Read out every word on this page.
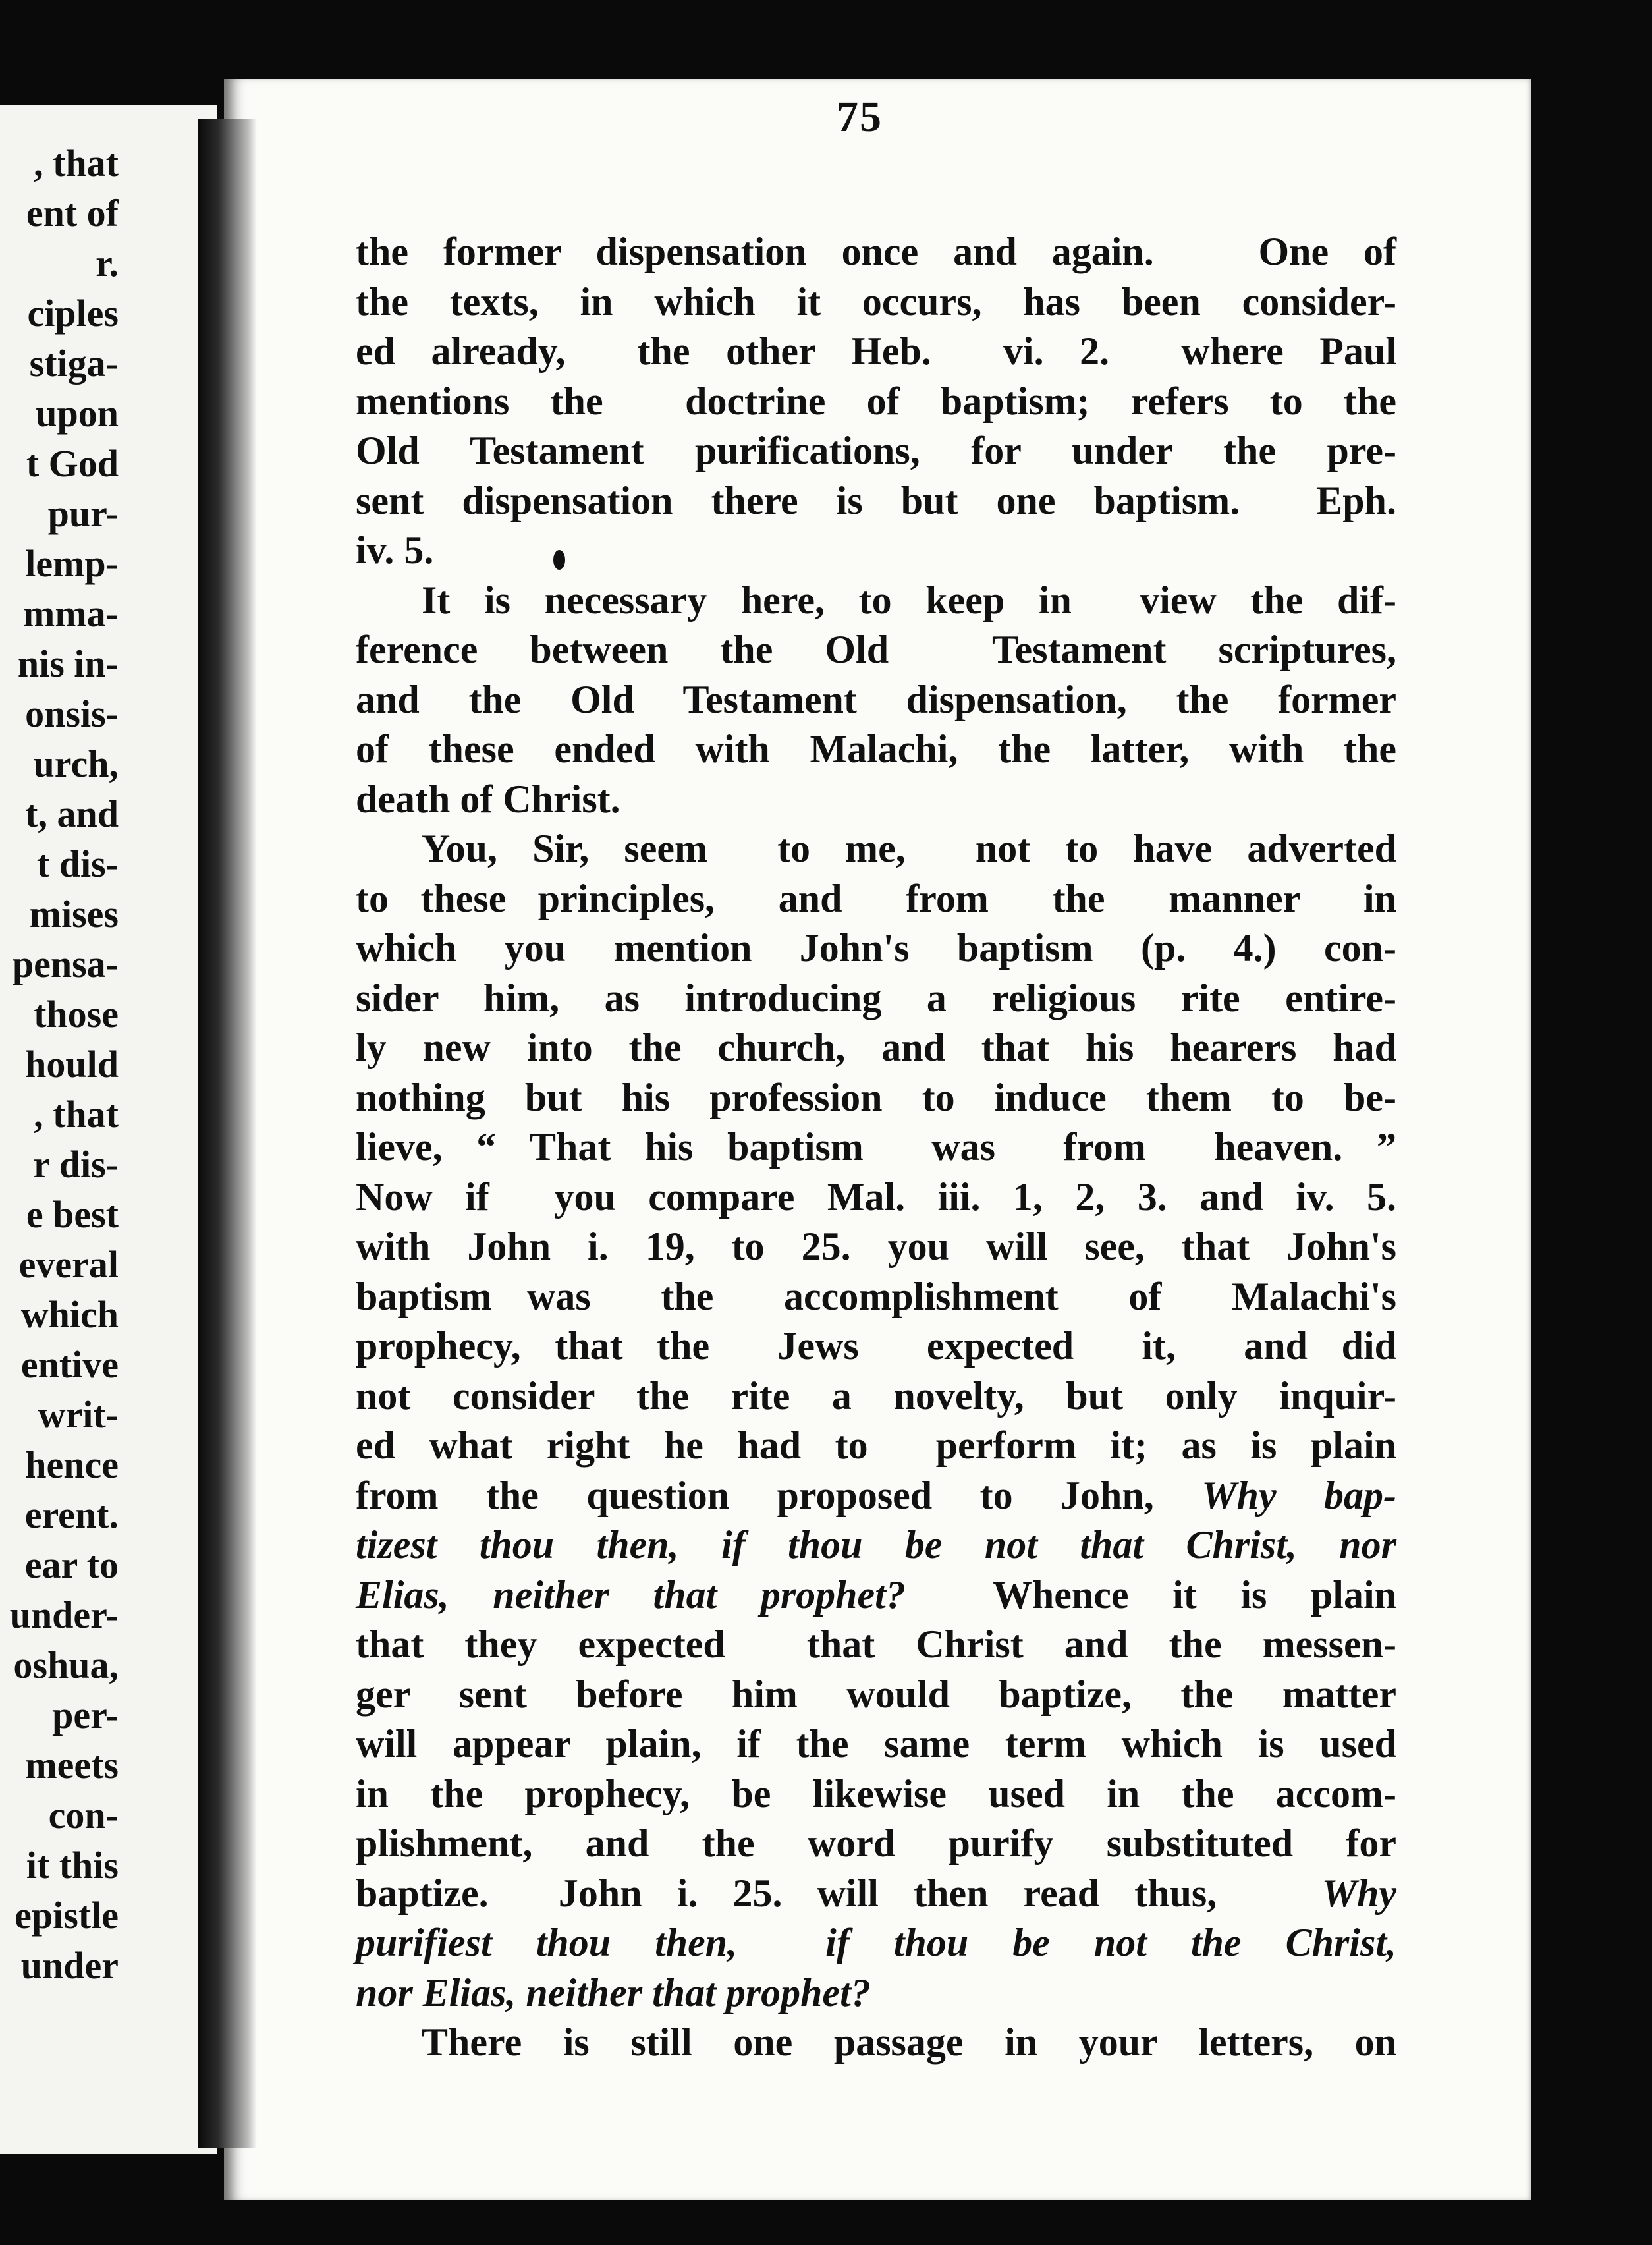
, that
ent of
r.
ciples
stiga-
upon
t God
pur-
lemp-
mma-
nis in-
onsis-
urch,
t, and
t dis-
mises
pensa-
those
hould
, that
r dis-
e best
everal
which
entive
writ-
hence
erent.
ear to
under-
oshua,
per-
meets
con-
it this
epistle
under
75
the former dispensation once and again.   One of
the texts, in which it occurs, has been consider-
ed already,  the other Heb.  vi. 2.  where Paul
mentions the  doctrine of baptism; refers to the
Old Testament purifications, for under the pre-
sent dispensation there is but one baptism.  Eph.
iv. 5.
It is necessary here, to keep in  view the dif-
ference between the Old  Testament scriptures,
and the Old Testament dispensation, the former
of these ended with Malachi, the latter, with the
death of Christ.
You, Sir, seem  to me,  not to have adverted
to these principles,  and  from  the  manner  in
which you mention John's baptism (p. 4.) con-
sider him, as introducing a religious rite entire-
ly new into the church, and that his hearers had
nothing but his profession to induce them to be-
lieve, “ That his baptism  was  from  heaven. ”
Now if  you compare Mal. iii. 1, 2, 3. and iv. 5.
with John i. 19, to 25. you will see, that John's
baptism was  the  accomplishment  of  Malachi's
prophecy, that the  Jews  expected  it,  and did
not consider the rite a novelty, but only inquir-
ed what right he had to  perform it; as is plain
from the question proposed to John, Why bap-
tizest thou then, if thou be not that Christ, nor
Elias, neither that prophet?  Whence it is plain
that they expected  that Christ and the messen-
ger sent before him would baptize, the matter
will appear plain, if the same term which is used
in the prophecy, be likewise used in the accom-
plishment, and the word purify substituted for
baptize.  John i. 25. will then read thus,   Why
purifiest thou then,  if thou be not the Christ,
nor Elias, neither that prophet?
There is still one passage in your letters, on
